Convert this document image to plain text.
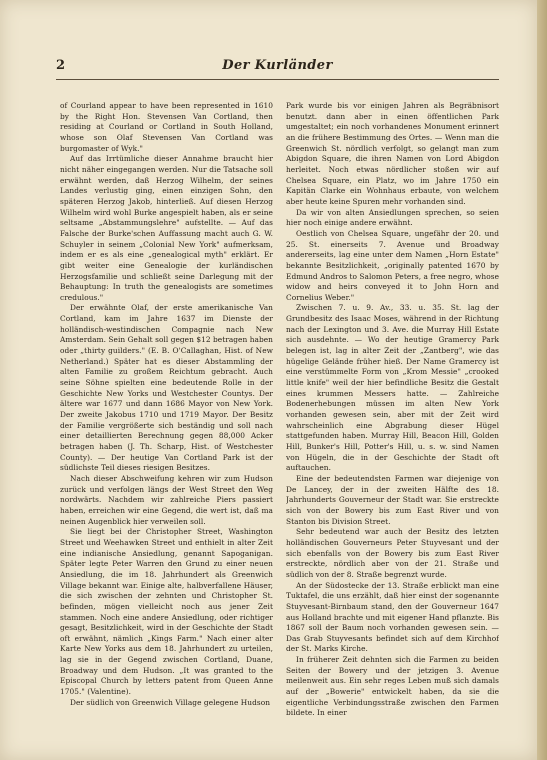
2	Der Kurländer

of Courland appear to have been represented in 1610 by the Right Hon. Stevensen Van Cortland, then residing at Courland or Cortland in South Holland, whose son Olaf Stevensen Van Cortland was burgomaster of Wyk."

Auf das Irrtümliche dieser Annahme braucht hier nicht näher eingegangen werden. Nur die Tatsache soll erwähnt werden, daß Herzog Wilhelm, der seines Landes verlustig ging, einen einzigen Sohn, den späteren Herzog Jakob, hinterließ. Auf diesen Herzog Wilhelm wird wohl Burke angespielt haben, als er seine seltsame „Abstammungslehre" aufstellte. — Auf das Falsche der Burke'schen Auffassung macht auch G. W. Schuyler in seinem „Colonial New York" aufmerksam, indem er es als eine „genealogical myth" erklärt. Er gibt weiter eine Genealogie der kurländischen Herzogsfamilie und schließt seine Darlegung mit der Behauptung: In truth the genealogists are sometimes credulous."

Der erwähnte Olaf, der erste amerikanische Van Cortland, kam im Jahre 1637 im Dienste der holländisch-westindischen Compagnie nach New Amsterdam. Sein Gehalt soll gegen $12 betragen haben oder „thirty guilders." (E. B. O'Callaghan, Hist. of New Netherland.) Später hat es dieser Abstammling der alten Familie zu großem Reichtum gebracht. Auch seine Söhne spielten eine bedeutende Rolle in der Geschichte New Yorks und Westchester Countys. Der ältere war 1677 und dann 1686 Mayor von New York. Der zweite Jakobus 1710 und 1719 Mayor. Der Besitz der Familie vergrößerte sich beständig und soll nach einer detaillierten Berechnung gegen 88,000 Acker betragen haben (J. Th. Scharp, Hist. of Westchester County). — Der heutige Van Cortland Park ist der südlichste Teil dieses riesigen Besitzes.

Nach dieser Abschweifung kehren wir zum Hudson zurück und verfolgen längs der West Street den Weg nordwärts. Nachdem wir zahlreiche Piers passiert haben, erreichen wir eine Gegend, die wert ist, daß ma neinen Augenblick hier verweilen soll.

Sie liegt bei der Christopher Street, Washington Street und Weehawken Street und enthielt in alter Zeit eine indianische Ansiedlung, genannt Sapoganigan. Später legte Peter Warren den Grund zu einer neuen Ansiedlung, die im 18. Jahrhundert als Greenwich Village bekannt war. Einige alte, halbverfallene Häuser, die sich zwischen der zehnten und Christopher St. befinden, mögen vielleicht noch aus jener Zeit stammen. Noch eine andere Ansiedlung, oder richtiger gesagt, Besitzlichkeit, wird in der Geschichte der Stadt oft erwähnt, nämlich „Kings Farm." Nach einer alter Karte New Yorks aus dem 18. Jahrhundert zu urteilen, lag sie in der Gegend zwischen Cortland, Duane, Broadway und dem Hudson. „It was granted to the Episcopal Church by letters patent from Queen Anne 1705." (Valentine).

Der südlich von Greenwich Village gelegene Hudson

Park wurde bis vor einigen Jahren als Begräbnisort benutzt. dann aber in einen öffentlichen Park umgestaltet; ein noch vorhandenes Monument erinnert an die frühere Bestimmung des Ortes. — Wenn man die Greenwich St. nördlich verfolgt, so gelangt man zum Abigdon Square, die ihren Namen von Lord Abigdon herleitet. Noch etwas nördlicher stoßen wir auf Chelsea Square, ein Platz, wo im Jahre 1750 ein Kapitän Clarke ein Wohnhaus erbaute, von welchem aber heute keine Spuren mehr vorhanden sind.

Da wir von alten Ansiedlungen sprechen, so seien hier noch einige andere erwähnt.

Oestlich von Chelsea Square, ungefähr der 20. und 25. St. einerseits 7. Avenue und Broadway andererseits, lag eine unter dem Namen „Horn Estate" bekannte Besitzlichkeit, „originally patented 1670 by Edmund Andros to Salomon Peters, a free negro, whose widow and heirs conveyed it to John Horn and Cornelius Weber."

Zwischen 7. u. 9. Av., 33. u. 35. St. lag der Grundbesitz des Isaac Moses, während in der Richtung nach der Lexington und 3. Ave. die Murray Hill Estate sich ausdehnte. — Wo der heutige Gramercy Park belegen ist, lag in alter Zeit der „Zantberg", wie das hügelige Gelände früher hieß. Der Name Gramercy ist eine verstümmelte Form von „Krom Messie" „crooked little knife" weil der hier befindliche Besitz die Gestalt eines krummen Messers hatte. — Zahlreiche Bodenerhebungen müssen im alten New York vorhanden gewesen sein, aber mit der Zeit wird wahrscheinlich eine Abgrabung dieser Hügel stattgefunden haben. Murray Hill, Beacon Hill, Golden Hill, Bunker's Hill, Potter's Hill, u. s. w. sind Namen von Hügeln, die in der Geschichte der Stadt oft auftauchen.

Eine der bedeutendsten Farmen war diejenige von De Lancey, der in der zweiten Hälfte des 18. Jahrhunderts Gouverneur der Stadt war. Sie erstreckte sich von der Bowery bis zum East River und von Stanton bis Division Street.

Sehr bedeutend war auch der Besitz des letzten holländischen Gouverneurs Peter Stuyvesant und der sich ebenfalls von der Bowery bis zum East River erstreckte, nördlich aber von der 21. Straße und südlich von der 8. Straße begrenzt wurde.

An der Südostecke der 13. Straße erblickt man eine Tuktafel, die uns erzählt, daß hier einst der sogenannte Stuyvesant-Birnbaum stand, den der Gouverneur 1647 aus Holland brachte und mit eigener Hand pflanzte. Bis 1867 soll der Baum noch vorhanden gewesen sein. — Das Grab Stuyvesants befindet sich auf dem Kirchhof der St. Marks Kirche.

In früherer Zeit dehnten sich die Farmen zu beiden Seiten der Bowery und der jetzigen 3. Avenue meilenweit aus. Ein sehr reges Leben muß sich damals auf der „Bowerie" entwickelt haben, da sie die eigentliche Verbindungsstraße zwischen den Farmen bildete. In einer
